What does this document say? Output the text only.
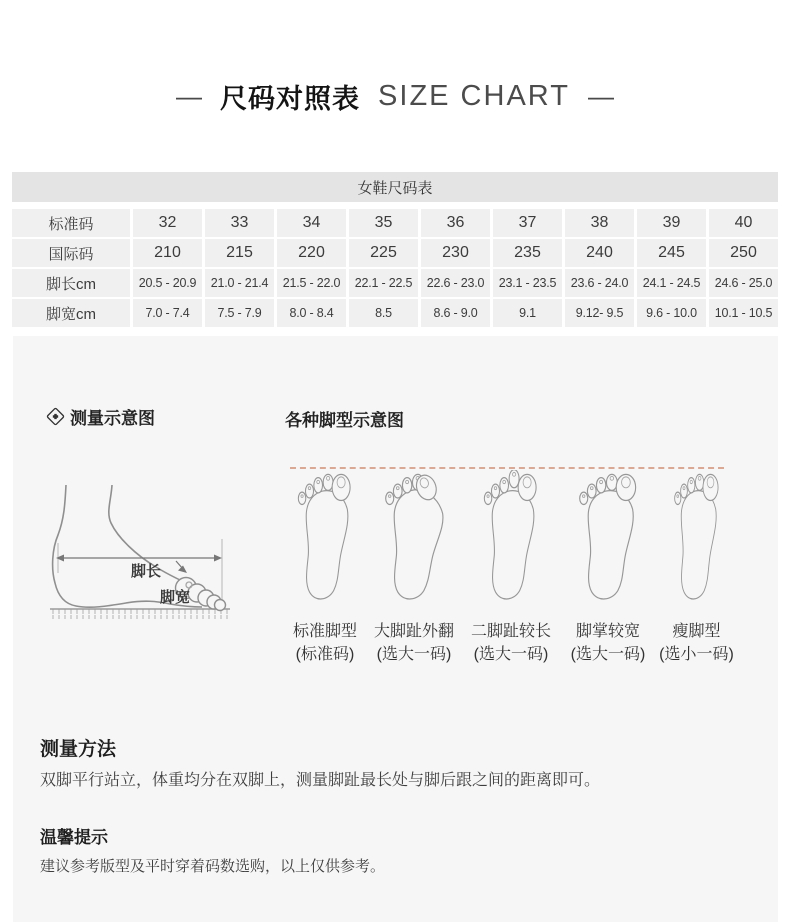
— 尺码对照表 SIZE CHART —
女鞋尺码表
标准码	32	33	34	35	36	37	38	39	40
国际码	210	215	220	225	230	235	240	245	250
脚长cm	20.5 - 20.9	21.0 - 21.4	21.5 - 22.0	22.1 - 22.5	22.6 - 23.0	23.1 - 23.5	23.6 - 24.0	24.1 - 24.5	24.6 - 25.0
脚宽cm	7.0 - 7.4	7.5 - 7.9	8.0 - 8.4	8.5	8.6 - 9.0	9.1	9.12- 9.5	9.6 - 10.0	10.1 - 10.5
测量示意图	各种脚型示意图
脚长
脚宽
标准脚型
(标准码)
大脚趾外翻
(选大一码)
二脚趾较长
(选大一码)
脚掌较宽
(选大一码)
瘦脚型
(选小一码)
测量方法
双脚平行站立，体重均分在双脚上，测量脚趾最长处与脚后跟之间的距离即可。
温馨提示
建议参考版型及平时穿着码数选购，以上仅供参考。
